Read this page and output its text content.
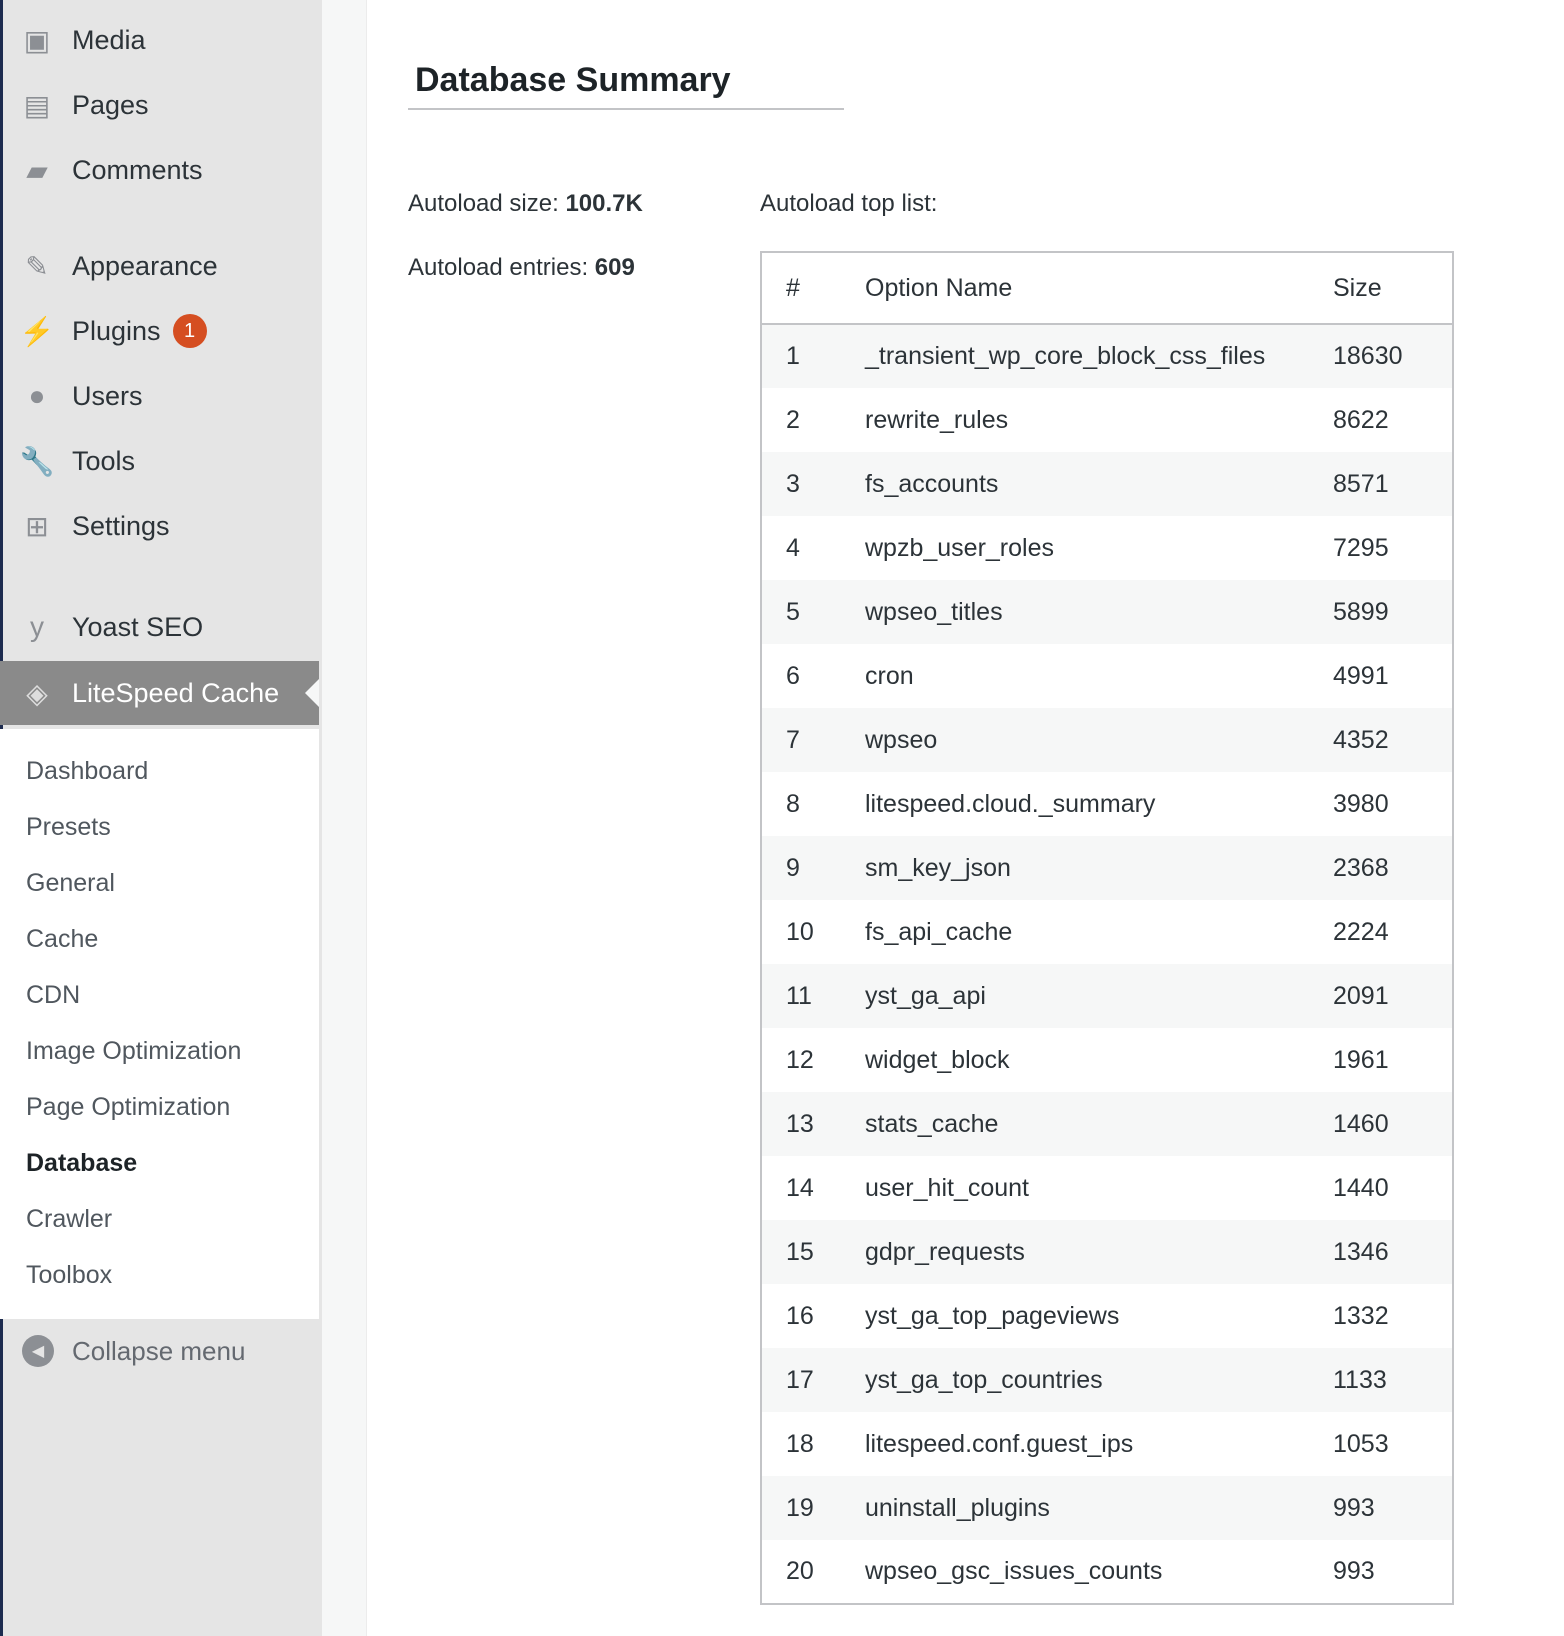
▣ Media
▤ Pages
▰ Comments
✎ Appearance
⚡ Plugins	1
● Users
🔧 Tools
⊞ Settings
y	Yoast SEO
◈ LiteSpeed Cache
Dashboard
Presets
General
Cache
CDN
Image Optimization
Page Optimization
Database
Crawler
Toolbox
◀	Collapse menu
Database Summary
Autoload size: 100.7K
Autoload entries: 609
Autoload top list:
#	Option Name	Size
1	_transient_wp_core_block_css_files	18630
2	rewrite_rules	8622
3	fs_accounts	8571
4	wpzb_user_roles	7295
5	wpseo_titles	5899
6	cron	4991
7	wpseo	4352
8	litespeed.cloud._summary	3980
9	sm_key_json	2368
10	fs_api_cache	2224
11	yst_ga_api	2091
12	widget_block	1961
13	stats_cache	1460
14	user_hit_count	1440
15	gdpr_requests	1346
16	yst_ga_top_pageviews	1332
17	yst_ga_top_countries	1133
18	litespeed.conf.guest_ips	1053
19	uninstall_plugins	993
20	wpseo_gsc_issues_counts	993
